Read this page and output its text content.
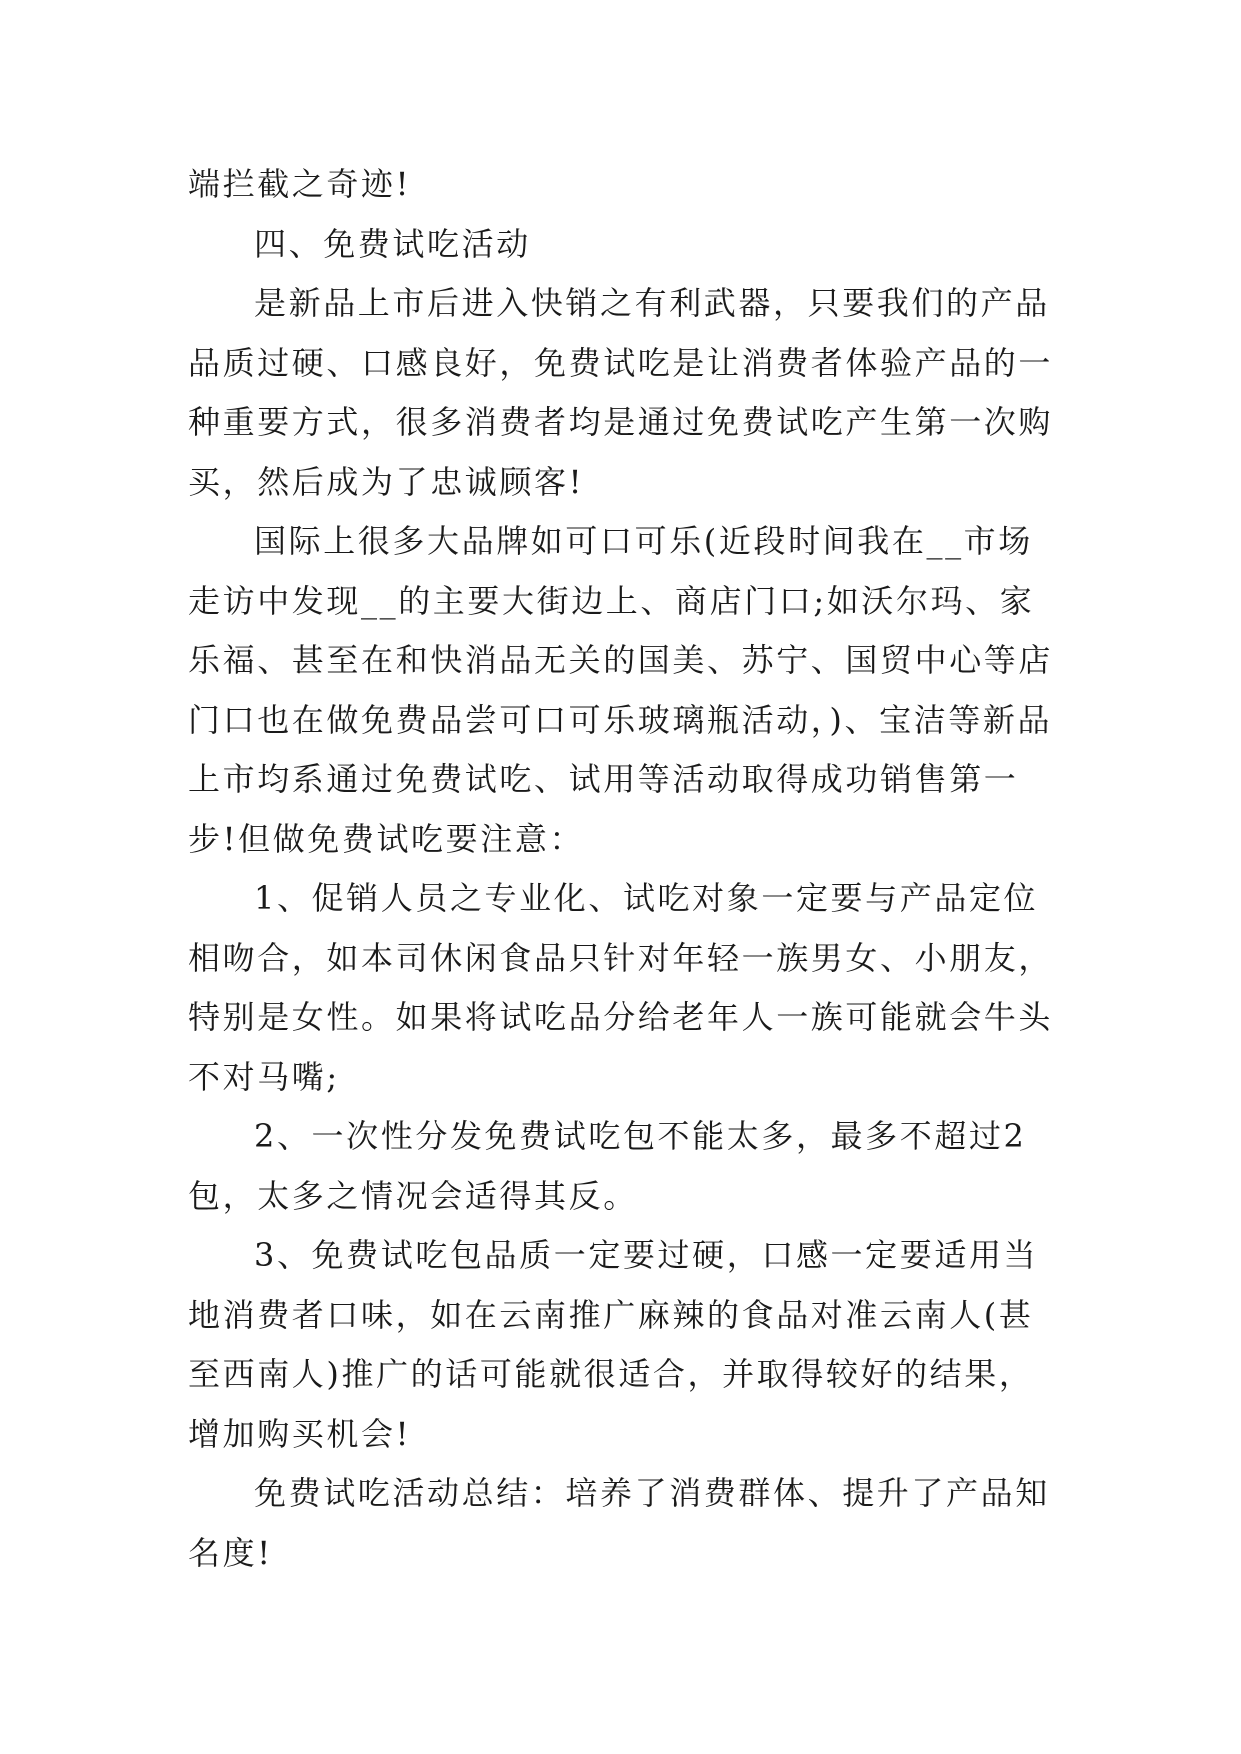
端拦截之奇迹!

四、免费试吃活动

是新品上市后进入快销之有利武器，只要我们的产品品质过硬、口感良好，免费试吃是让消费者体验产品的一种重要方式，很多消费者均是通过免费试吃产生第一次购买，然后成为了忠诚顾客!

国际上很多大品牌如可口可乐(近段时间我在__市场走访中发现__的主要大街边上、商店门口;如沃尔玛、家乐福、甚至在和快消品无关的国美、苏宁、国贸中心等店门口也在做免费品尝可口可乐玻璃瓶活动，)、宝洁等新品上市均系通过免费试吃、试用等活动取得成功销售第一步!但做免费试吃要注意：

1、促销人员之专业化、试吃对象一定要与产品定位相吻合，如本司休闲食品只针对年轻一族男女、小朋友，特别是女性。如果将试吃品分给老年人一族可能就会牛头不对马嘴;

2、一次性分发免费试吃包不能太多，最多不超过2包，太多之情况会适得其反。

3、免费试吃包品质一定要过硬，口感一定要适用当地消费者口味，如在云南推广麻辣的食品对准云南人(甚至西南人)推广的话可能就很适合，并取得较好的结果，增加购买机会!

免费试吃活动总结：培养了消费群体、提升了产品知名度!
